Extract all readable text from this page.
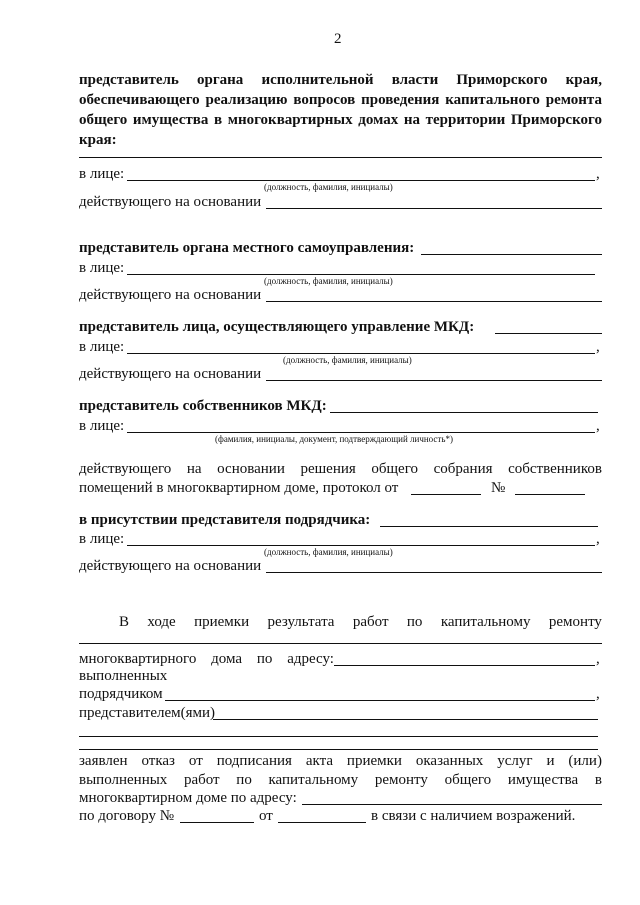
2
представитель органа исполнительной власти Приморского края,
обеспечивающего реализацию вопросов проведения капитального ремонта
общего имущества в многоквартирных домах на территории Приморского
края:
в лице:	,
(должность, фамилия, инициалы)
действующего на основании
представитель органа местного самоуправления:
в лице:
(должность, фамилия, инициалы)
действующего на основании
представитель лица, осуществляющего управление МКД:
в лице:	,
(должность, фамилия, инициалы)
действующего на основании
представитель собственников МКД:
в лице:	,
(фамилия, инициалы, документ, подтверждающий личность*)
действующего на основании решения общего собрания собственников
помещений в многоквартирном доме, протокол от	№
в присутствии представителя подрядчика:
в лице:	,
(должность, фамилия, инициалы)
действующего на основании
В ходе приемки результата работ по капитальному ремонту
многоквартирного дома по адресу:	,
выполненных
подрядчиком	,
представителем(ями)
заявлен отказ от подписания акта приемки оказанных услуг и (или)
выполненных работ по капитальному ремонту общего имущества в
многоквартирном доме по адресу:
по договору №	от	в связи с наличием возражений.
